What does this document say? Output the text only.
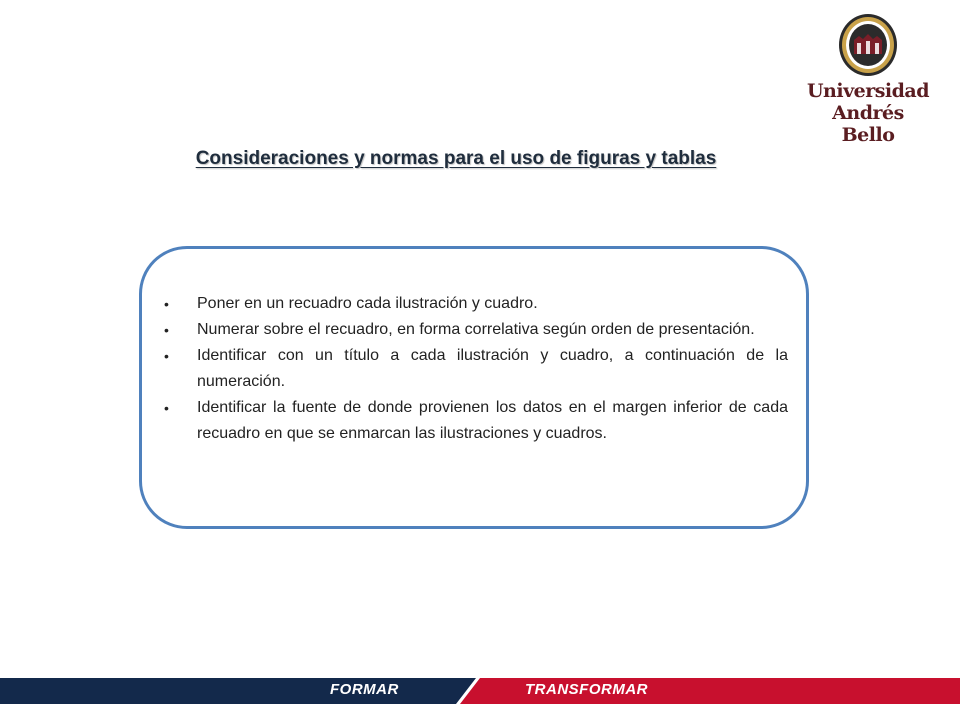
Universidad
Andrés Bello
Consideraciones y normas para el uso de figuras y tablas
• Poner en un recuadro cada ilustración y cuadro.
• Numerar sobre el recuadro, en forma correlativa según orden de presentación.
• Identificar con un título a cada ilustración y cuadro, a continuación de la numeración.
• Identificar la fuente de donde provienen los datos en el margen inferior de cada recuadro en que se enmarcan las ilustraciones y cuadros.
FORMAR	TRANSFORMAR
